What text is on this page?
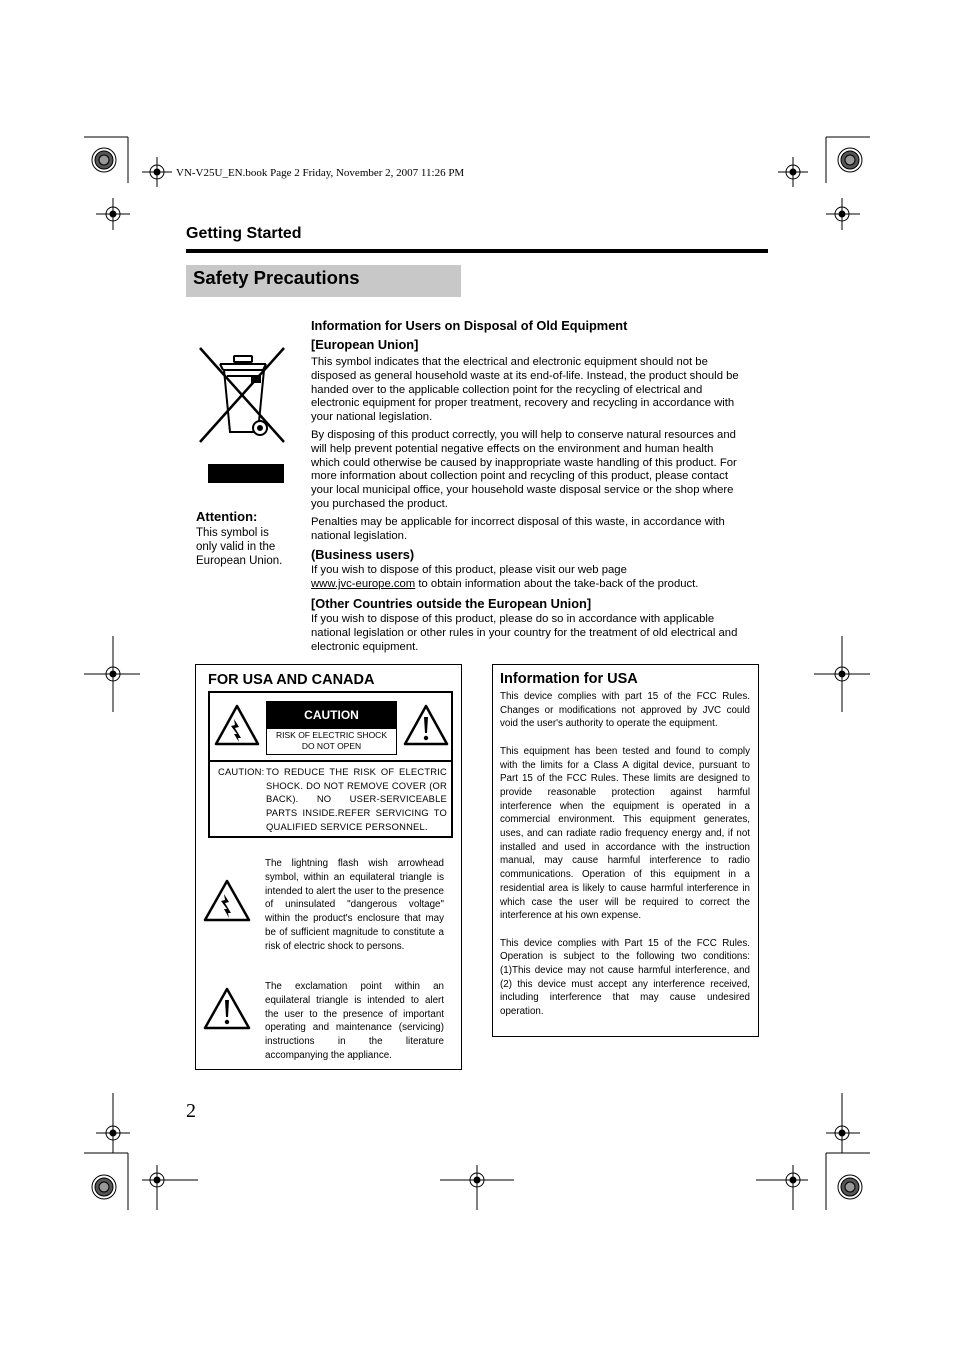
VN-V25U_EN.book Page 2 Friday, November 2, 2007 11:26 PM
Getting Started
Safety Precautions
Attention:
This symbol is only valid in the European Union.
Information for Users on Disposal of Old Equipment
[European Union]

This symbol indicates that the electrical and electronic equipment should not be disposed as general household waste at its end-of-life. Instead, the product should be handed over to the applicable collection point for the recycling of electrical and electronic equipment for proper treatment, recovery and recycling in accordance with your national legislation.

By disposing of this product correctly, you will help to conserve natural resources and will help prevent potential negative effects on the environment and human health which could otherwise be caused by inappropriate waste handling of this product. For more information about collection point and recycling of this product, please contact your local municipal office, your household waste disposal service or the shop where you purchased the product.

Penalties may be applicable for incorrect disposal of this waste, in accordance with national legislation.

(Business users)

If you wish to dispose of this product, please visit our web page
www.jvc-europe.com to obtain information about the take-back of the product.

[Other Countries outside the European Union]

If you wish to dispose of this product, please do so in accordance with applicable national legislation or other rules in your country for the treatment of old electrical and electronic equipment.

FOR USA AND CANADA
CAUTION
RISK OF ELECTRIC SHOCK
DO NOT OPEN
CAUTION: TO REDUCE THE RISK OF ELECTRIC SHOCK. DO NOT REMOVE COVER (OR BACK). NO USER-SERVICEABLE PARTS INSIDE.REFER SERVICING TO QUALIFIED SERVICE PERSONNEL.
The lightning flash wish arrowhead symbol, within an equilateral triangle is intended to alert the user to the presence of uninsulated "dangerous voltage" within the product's enclosure that may be of sufficient magnitude to constitute a risk of electric shock to persons.
The exclamation point within an equilateral triangle is intended to alert the user to the presence of important operating and maintenance (servicing) instructions in the literature accompanying the appliance.
Information for USA

This device complies with part 15 of the FCC Rules. Changes or modifications not approved by JVC could void the user's authority to operate the equipment.

This equipment has been tested and found to comply with the limits for a Class A digital device, pursuant to Part 15 of the FCC Rules. These limits are designed to provide reasonable protection against harmful interference when the equipment is operated in a commercial environment. This equipment generates, uses, and can radiate radio frequency energy and, if not installed and used in accordance with the instruction manual, may cause harmful interference to radio communications. Operation of this equipment in a residential area is likely to cause harmful interference in which case the user will be required to correct the interference at his own expense.

This device complies with Part 15 of the FCC Rules. Operation is subject to the following two conditions: (1)This device may not cause harmful interference, and (2) this device must accept any interference received, including interference that may cause undesired operation.

2
